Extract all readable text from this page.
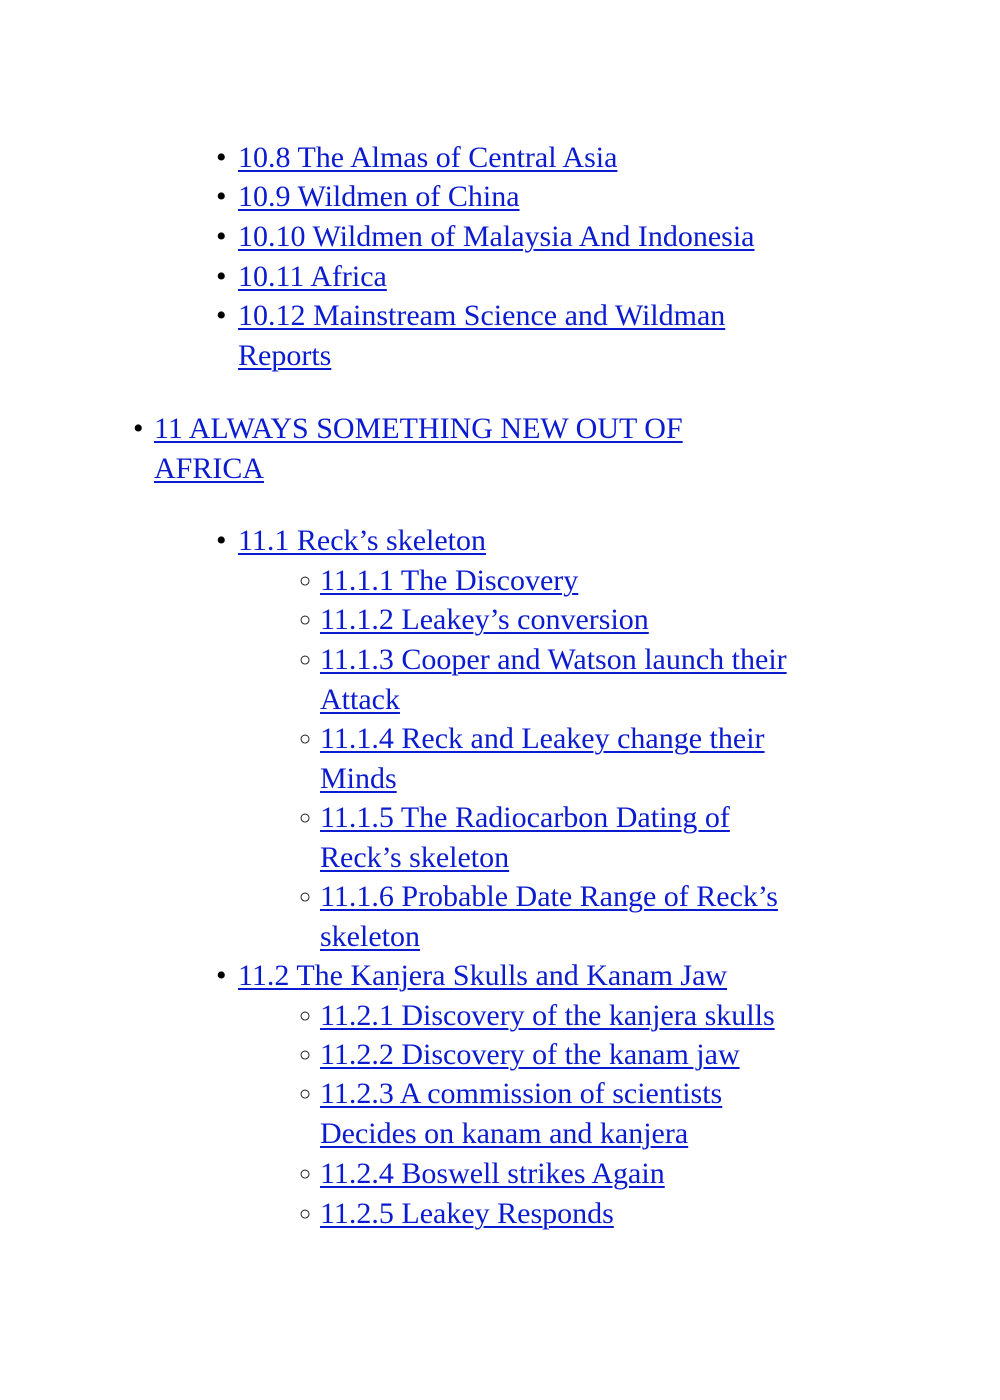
• 10.8 The Almas of Central Asia
• 10.9 Wildmen of China
• 10.10 Wildmen of Malaysia And Indonesia
• 10.11 Africa
• 10.12 Mainstream Science and Wildman
Reports
• 11 ALWAYS SOMETHING NEW OUT OF
AFRICA
• 11.1 Reck’s skeleton
○ 11.1.1 The Discovery
○ 11.1.2 Leakey’s conversion
○ 11.1.3 Cooper and Watson launch their
Attack
○ 11.1.4 Reck and Leakey change their
Minds
○ 11.1.5 The Radiocarbon Dating of
Reck’s skeleton
○ 11.1.6 Probable Date Range of Reck’s
skeleton
• 11.2 The Kanjera Skulls and Kanam Jaw
○ 11.2.1 Discovery of the kanjera skulls
○ 11.2.2 Discovery of the kanam jaw
○ 11.2.3 A commission of scientists
Decides on kanam and kanjera
○ 11.2.4 Boswell strikes Again
○ 11.2.5 Leakey Responds
